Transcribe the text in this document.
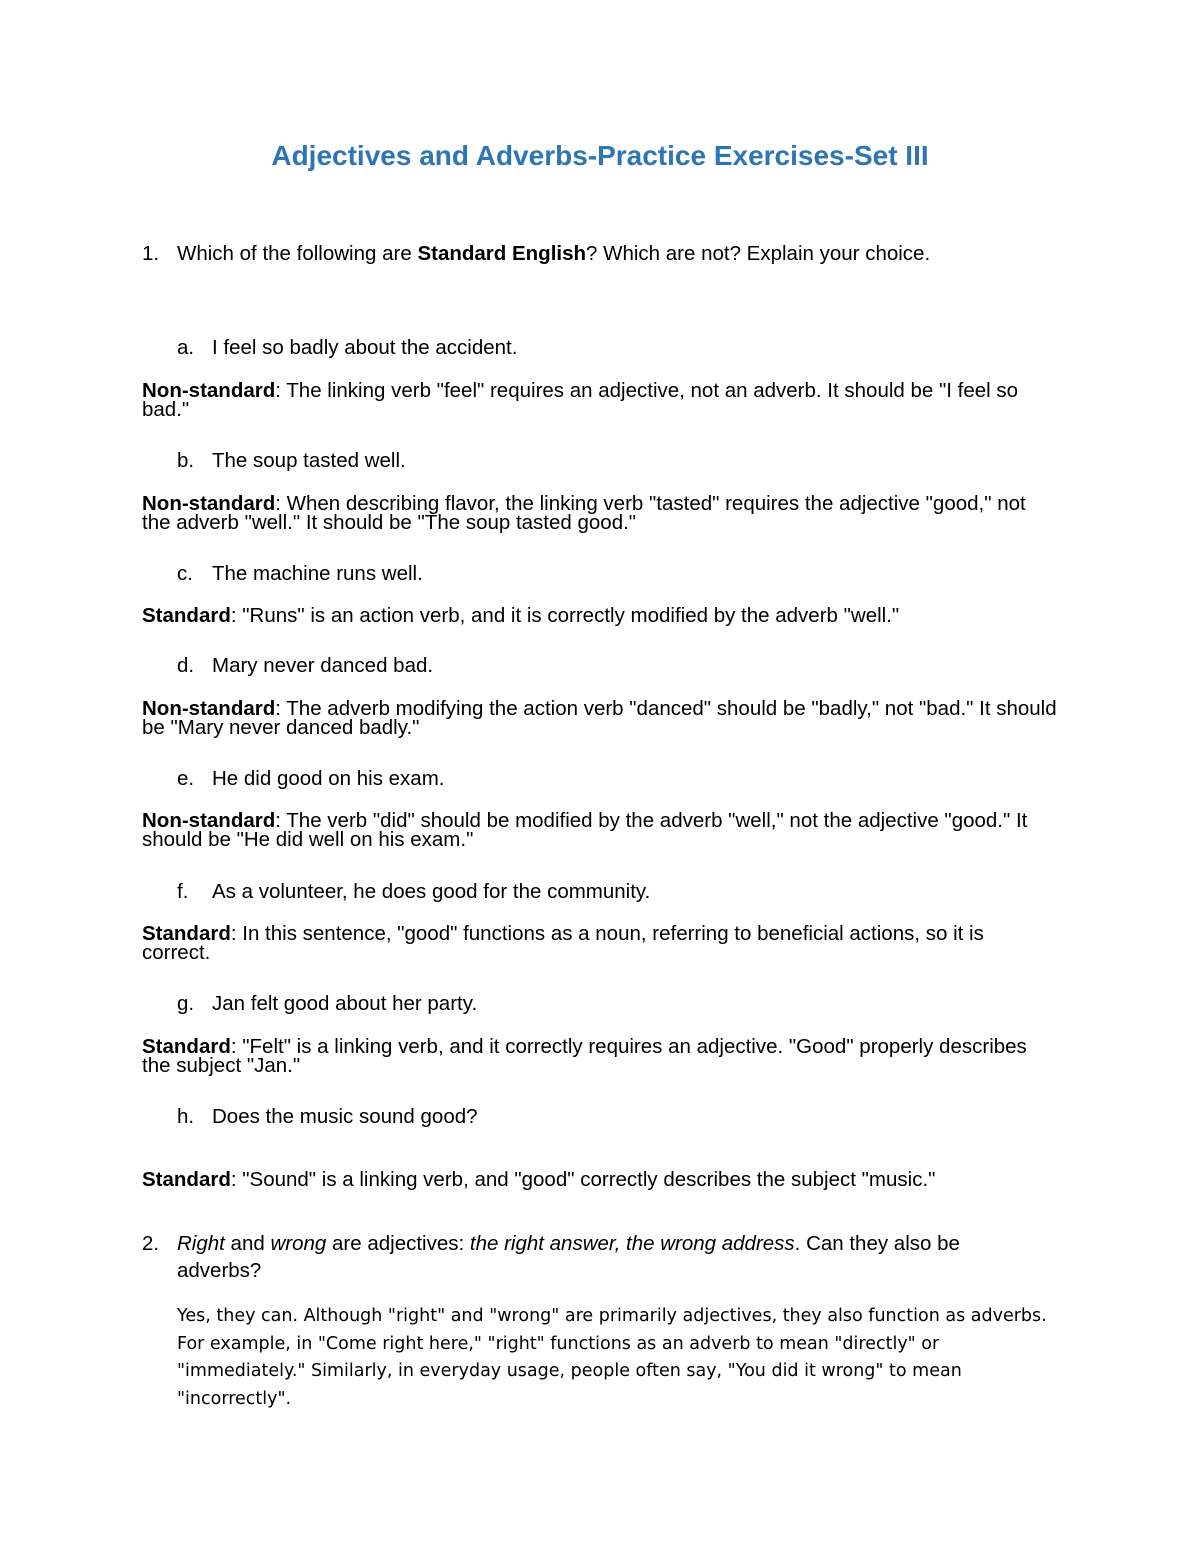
Adjectives and Adverbs-Practice Exercises-Set III
1. Which of the following are Standard English? Which are not? Explain your choice.
a. I feel so badly about the accident.
Non-standard: The linking verb "feel" requires an adjective, not an adverb. It should be "I feel so bad."
b. The soup tasted well.
Non-standard: When describing flavor, the linking verb "tasted" requires the adjective "good," not the adverb "well." It should be "The soup tasted good."
c. The machine runs well.
Standard: "Runs" is an action verb, and it is correctly modified by the adverb "well."
d. Mary never danced bad.
Non-standard: The adverb modifying the action verb "danced" should be "badly," not "bad." It should be "Mary never danced badly."
e. He did good on his exam.
Non-standard: The verb "did" should be modified by the adverb "well," not the adjective "good." It should be "He did well on his exam."
f. As a volunteer, he does good for the community.
Standard: In this sentence, "good" functions as a noun, referring to beneficial actions, so it is correct.
g. Jan felt good about her party.
Standard: "Felt" is a linking verb, and it correctly requires an adjective. "Good" properly describes the subject "Jan."
h. Does the music sound good?
Standard: "Sound" is a linking verb, and "good" correctly describes the subject "music."
2. Right and wrong are adjectives: the right answer, the wrong address. Can they also be adverbs?
Yes, they can. Although "right" and "wrong" are primarily adjectives, they also function as adverbs. For example, in "Come right here," "right" functions as an adverb to mean "directly" or "immediately." Similarly, in everyday usage, people often say, "You did it wrong" to mean "incorrectly".
